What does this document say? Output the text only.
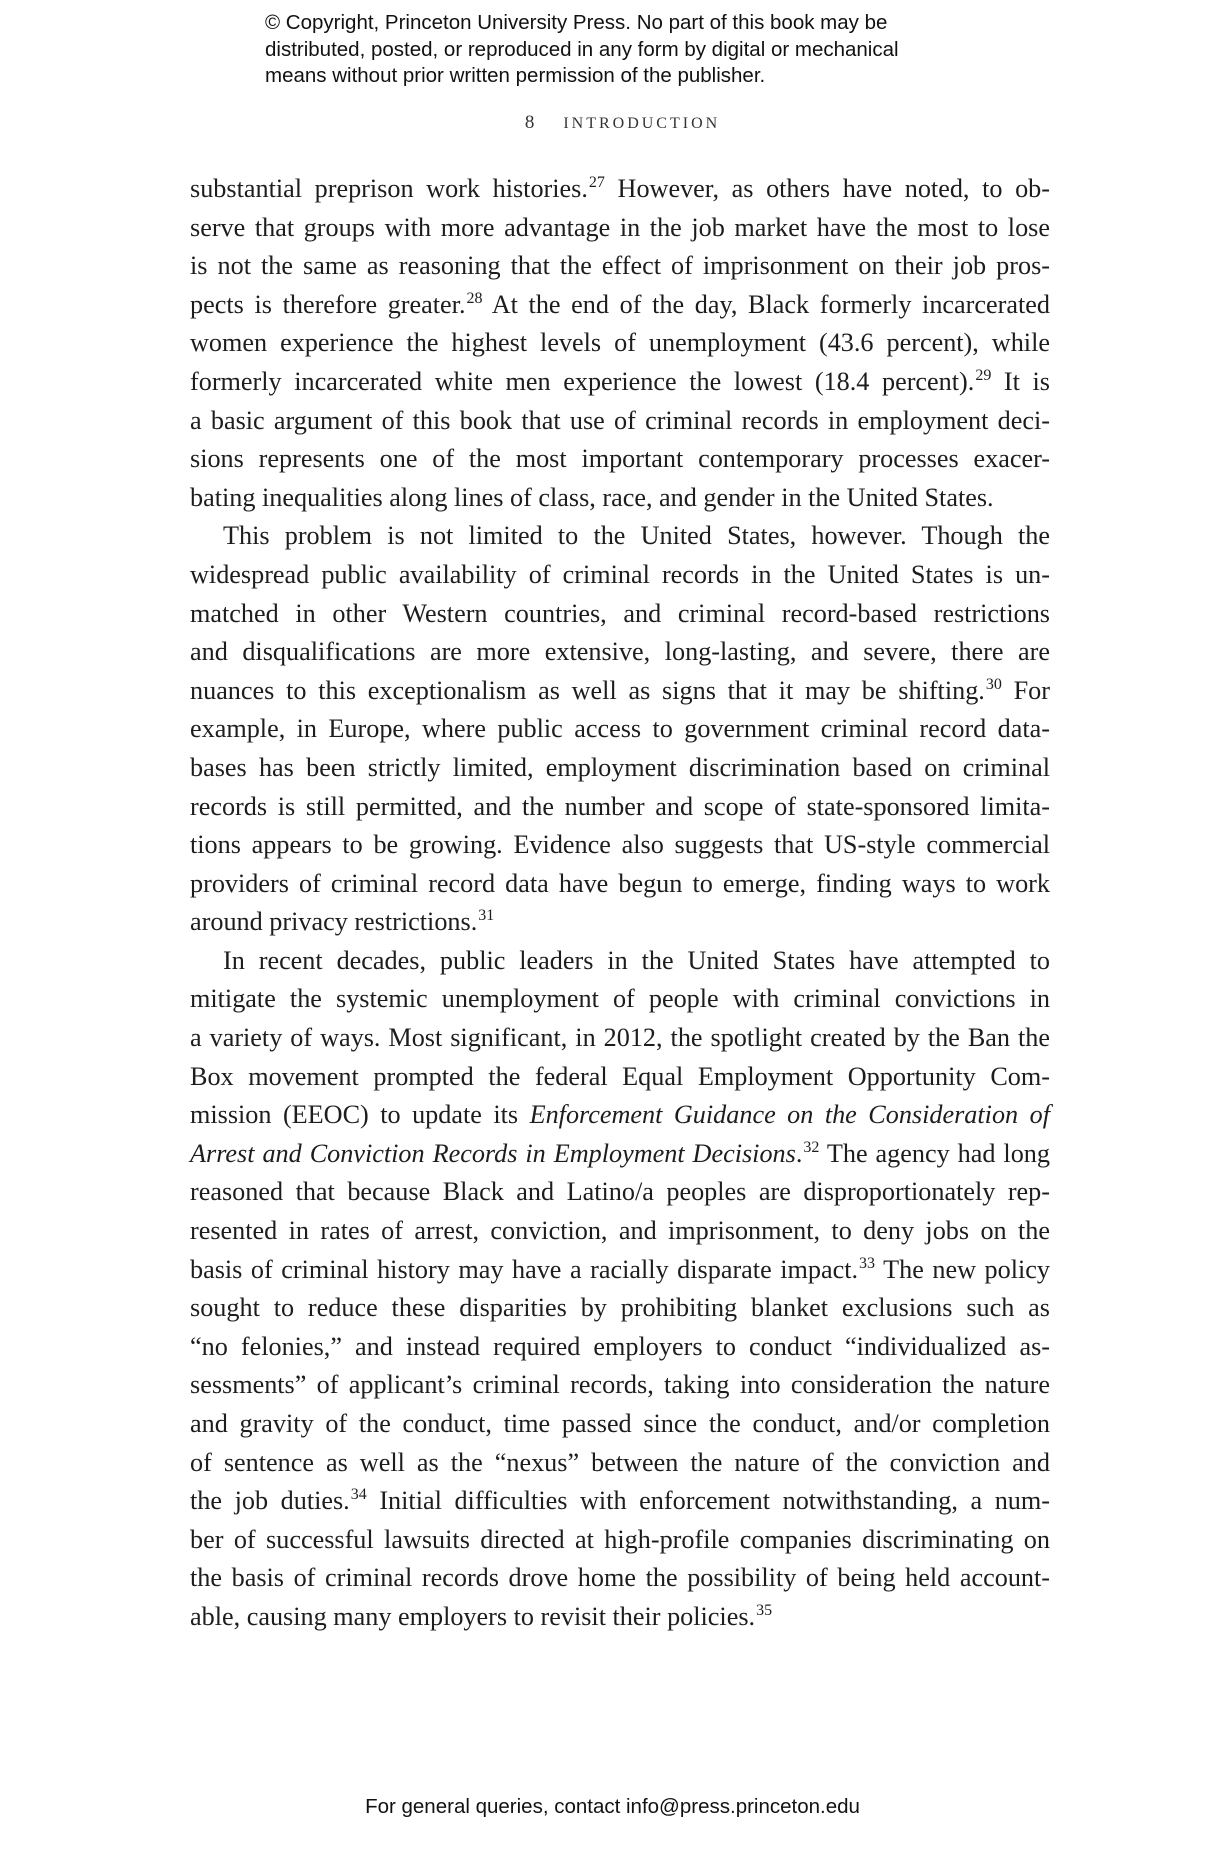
© Copyright, Princeton University Press. No part of this book may be
distributed, posted, or reproduced in any form by digital or mechanical
means without prior written permission of the publisher.
8 INTRODUCTION
substantial preprison work histories.$^{27}$ However, as others have noted, to ob-
serve that groups with more advantage in the job market have the most to lose
is not the same as reasoning that the effect of imprisonment on their job pros-
pects is therefore greater.$^{28}$ At the end of the day, Black formerly incarcerated
women experience the highest levels of unemployment (43.6 percent), while
formerly incarcerated white men experience the lowest (18.4 percent).$^{29}$ It is
a basic argument of this book that use of criminal records in employment deci-
sions represents one of the most important contemporary processes exacer-
bating inequalities along lines of class, race, and gender in the United States.
This problem is not limited to the United States, however. Though the
widespread public availability of criminal records in the United States is un-
matched in other Western countries, and criminal record-based restrictions
and disqualifications are more extensive, long-lasting, and severe, there are
nuances to this exceptionalism as well as signs that it may be shifting.$^{30}$ For
example, in Europe, where public access to government criminal record data-
bases has been strictly limited, employment discrimination based on criminal
records is still permitted, and the number and scope of state-sponsored limita-
tions appears to be growing. Evidence also suggests that US-style commercial
providers of criminal record data have begun to emerge, finding ways to work
around privacy restrictions.$^{31}$
In recent decades, public leaders in the United States have attempted to
mitigate the systemic unemployment of people with criminal convictions in
a variety of ways. Most significant, in 2012, the spotlight created by the Ban the
Box movement prompted the federal Equal Employment Opportunity Com-
mission (EEOC) to update its Enforcement Guidance on the Consideration of
Arrest and Conviction Records in Employment Decisions.$^{32}$ The agency had long
reasoned that because Black and Latino/a peoples are disproportionately rep-
resented in rates of arrest, conviction, and imprisonment, to deny jobs on the
basis of criminal history may have a racially disparate impact.$^{33}$ The new policy
sought to reduce these disparities by prohibiting blanket exclusions such as
“no felonies,” and instead required employers to conduct “individualized as-
sessments” of applicant’s criminal records, taking into consideration the nature
and gravity of the conduct, time passed since the conduct, and/or completion
of sentence as well as the “nexus” between the nature of the conviction and
the job duties.$^{34}$ Initial difficulties with enforcement notwithstanding, a num-
ber of successful lawsuits directed at high-profile companies discriminating on
the basis of criminal records drove home the possibility of being held account-
able, causing many employers to revisit their policies.$^{35}$
For general queries, contact info@press.princeton.edu
